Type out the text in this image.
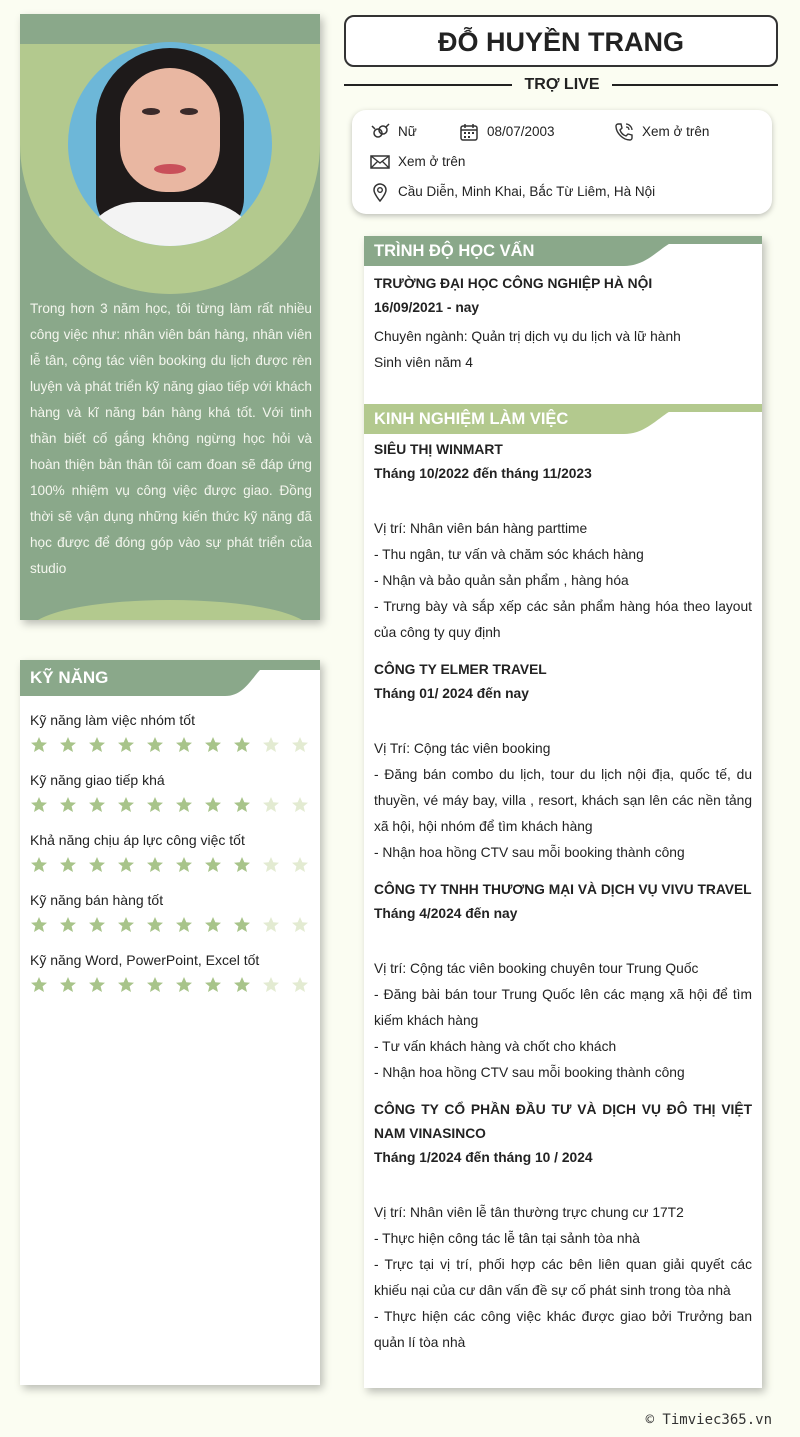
Trong hơn 3 năm học, tôi từng làm rất nhiều công việc như: nhân viên bán hàng, nhân viên lễ tân, cộng tác viên booking du lịch được rèn luyện và phát triển kỹ năng giao tiếp với khách hàng và kĩ năng bán hàng khá tốt. Với tinh thần biết cố gắng không ngừng học hỏi và hoàn thiện bản thân tôi cam đoan sẽ đáp ứng 100% nhiệm vụ công việc được giao. Đồng thời sẽ vận dụng những kiến thức kỹ năng đã học được để đóng góp vào sự phát triển của studio
KỸ NĂNG
Kỹ năng làm việc nhóm tốt
Kỹ năng giao tiếp khá
Khả năng chịu áp lực công việc tốt
Kỹ năng bán hàng tốt
Kỹ năng Word, PowerPoint, Excel tốt
ĐỖ HUYỀN TRANG
TRỢ LIVE
Nữ	08/07/2003	Xem ở trên
Xem ở trên
Cầu Diễn, Minh Khai, Bắc Từ Liêm, Hà Nội
TRÌNH ĐỘ HỌC VẤN
TRƯỜNG ĐẠI HỌC CÔNG NGHIỆP HÀ NỘI
16/09/2021 - nay
Chuyên ngành: Quản trị dịch vụ du lịch và lữ hành
Sinh viên năm 4
KINH NGHIỆM LÀM VIỆC
SIÊU THỊ WINMART
Tháng 10/2022 đến tháng 11/2023
Vị trí: Nhân viên bán hàng parttime
- Thu ngân, tư vấn và chăm sóc khách hàng
- Nhận và bảo quản sản phẩm , hàng hóa
- Trưng bày và sắp xếp các sản phẩm hàng hóa theo layout của công ty quy định
CÔNG TY ELMER TRAVEL
Tháng 01/ 2024 đến nay
Vị Trí: Cộng tác viên booking
- Đăng bán combo du lịch, tour du lịch nội địa, quốc tế, du thuyền, vé máy bay, villa , resort, khách sạn lên các nền tảng xã hội, hội nhóm để tìm khách hàng
- Nhận hoa hồng CTV sau mỗi booking thành công
CÔNG TY TNHH THƯƠNG MẠI VÀ DỊCH VỤ VIVU TRAVEL
Tháng 4/2024 đến nay
Vị trí: Cộng tác viên booking chuyên tour Trung Quốc
- Đăng bài bán tour Trung Quốc lên các mạng xã hội để tìm kiếm khách hàng
- Tư vấn khách hàng và chốt cho khách
- Nhận hoa hồng CTV sau mỗi booking thành công
CÔNG TY CỔ PHẦN ĐẦU TƯ VÀ DỊCH VỤ ĐÔ THỊ VIỆT NAM VINASINCO
Tháng 1/2024 đến tháng 10 / 2024
Vị trí: Nhân viên lễ tân thường trực chung cư 17T2
- Thực hiện công tác lễ tân tại sảnh tòa nhà
- Trực tại vị trí, phối hợp các bên liên quan giải quyết các khiếu nại của cư dân vấn đề sự cố phát sinh trong tòa nhà
- Thực hiện các công việc khác được giao bởi Trưởng ban quản lí tòa nhà
© Timviec365.vn
